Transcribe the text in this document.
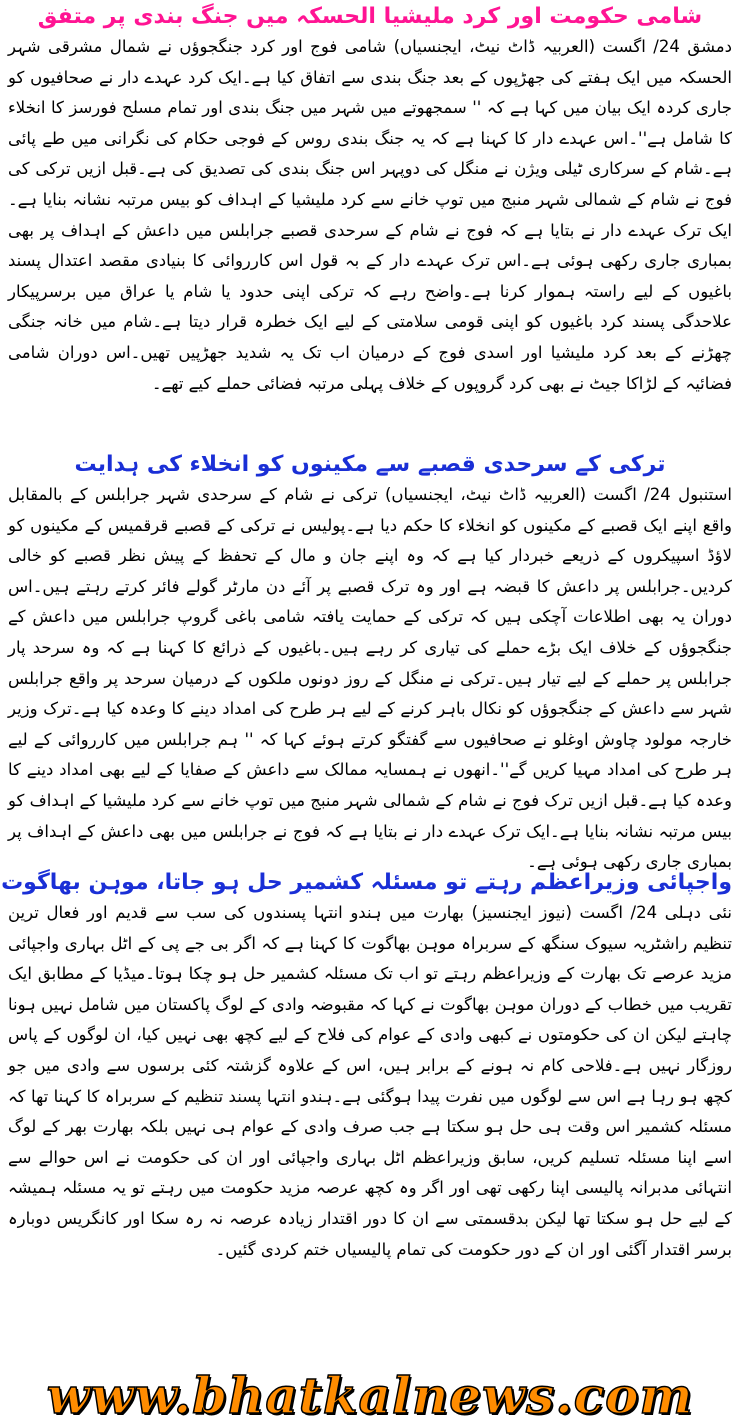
شامی حکومت اور کرد ملیشیا الحسکہ میں جنگ بندی پر متفق

دمشق 24/ اگست (العربیہ ڈاٹ نیٹ، ایجنسیاں) شامی فوج اور کرد جنگجوؤں نے شمال مشرقی شہر الحسکہ میں ایک ہفتے کی جھڑپوں کے بعد جنگ بندی سے اتفاق کیا ہے۔ایک کرد عہدے دار نے صحافیوں کو جاری کردہ ایک بیان میں کہا ہے کہ '' سمجھوتے میں شہر میں جنگ بندی اور تمام مسلح فورسز کا انخلاء کا شامل ہے''۔اس عہدے دار کا کہنا ہے کہ یہ جنگ بندی روس کے فوجی حکام کی نگرانی میں طے پائی ہے۔شام کے سرکاری ٹیلی ویژن نے منگل کی دوپہر اس جنگ بندی کی تصدیق کی ہے۔قبل ازیں ترکی کی فوج نے شام کے شمالی شہر منبج میں توپ خانے سے کرد ملیشیا کے اہداف کو بیس مرتبہ نشانہ بنایا ہے۔ایک ترک عہدے دار نے بتایا ہے کہ فوج نے شام کے سرحدی قصبے جرابلس میں داعش کے اہداف پر بھی بمباری جاری رکھی ہوئی ہے۔اس ترک عہدے دار کے بہ قول اس کارروائی کا بنیادی مقصد اعتدال پسند باغیوں کے لیے راستہ ہموار کرنا ہے۔واضح رہے کہ ترکی اپنی حدود یا شام یا عراق میں برسرپیکار علاحدگی پسند کرد باغیوں کو اپنی قومی سلامتی کے لیے ایک خطرہ قرار دیتا ہے۔شام میں خانہ جنگی چھڑنے کے بعد کرد ملیشیا اور اسدی فوج کے درمیان اب تک یہ شدید جھڑپیں تھیں۔اس دوران شامی فضائیہ کے لڑاکا جیٹ نے بھی کرد گروپوں کے خلاف پہلی مرتبہ فضائی حملے کیے تھے۔

ترکی کے سرحدی قصبے سے مکینوں کو انخلاء کی ہدایت

استنبول 24/ اگست (العربیہ ڈاٹ نیٹ، ایجنسیاں) ترکی نے شام کے سرحدی شہر جرابلس کے بالمقابل واقع اپنے ایک قصبے کے مکینوں کو انخلاء کا حکم دیا ہے۔پولیس نے ترکی کے قصبے قرقمیس کے مکینوں کو لاؤڈ اسپیکروں کے ذریعے خبردار کیا ہے کہ وہ اپنے جان و مال کے تحفظ کے پیش نظر قصبے کو خالی کردیں۔جرابلس پر داعش کا قبضہ ہے اور وہ ترک قصبے پر آئے دن مارٹر گولے فائر کرتے رہتے ہیں۔اس دوران یہ بھی اطلاعات آچکی ہیں کہ ترکی کے حمایت یافتہ شامی باغی گروپ جرابلس میں داعش کے جنگجوؤں کے خلاف ایک بڑے حملے کی تیاری کر رہے ہیں۔باغیوں کے ذرائع کا کہنا ہے کہ وہ سرحد پار جرابلس پر حملے کے لیے تیار ہیں۔ترکی نے منگل کے روز دونوں ملکوں کے درمیان سرحد پر واقع جرابلس شہر سے داعش کے جنگجوؤں کو نکال باہر کرنے کے لیے ہر طرح کی امداد دینے کا وعدہ کیا ہے۔ترک وزیر خارجہ مولود چاوش اوغلو نے صحافیوں سے گفتگو کرتے ہوئے کہا کہ '' ہم جرابلس میں کارروائی کے لیے ہر طرح کی امداد مہیا کریں گے''۔انھوں نے ہمسایہ ممالک سے داعش کے صفایا کے لیے بھی امداد دینے کا وعدہ کیا ہے۔قبل ازیں ترک فوج نے شام کے شمالی شہر منبج میں توپ خانے سے کرد ملیشیا کے اہداف کو بیس مرتبہ نشانہ بنایا ہے۔ایک ترک عہدے دار نے بتایا ہے کہ فوج نے جرابلس میں بھی داعش کے اہداف پر بمباری جاری رکھی ہوئی ہے۔

واجپائی وزیراعظم رہتے تو مسئلہ کشمیر حل ہو جاتا، موہن بھاگوت

نئی دہلی 24/ اگست (نیوز ایجنسیز) بھارت میں ہندو انتہا پسندوں کی سب سے قدیم اور فعال ترین تنظیم راشٹریہ سیوک سنگھ کے سربراہ موہن بھاگوت کا کہنا ہے کہ اگر بی جے پی کے اٹل بہاری واجپائی مزید عرصے تک بھارت کے وزیراعظم رہتے تو اب تک مسئلہ کشمیر حل ہو چکا ہوتا۔میڈیا کے مطابق ایک تقریب میں خطاب کے دوران موہن بھاگوت نے کہا کہ مقبوضہ وادی کے لوگ پاکستان میں شامل نہیں ہونا چاہتے لیکن ان کی حکومتوں نے کبھی وادی کے عوام کی فلاح کے لیے کچھ بھی نہیں کیا، ان لوگوں کے پاس روزگار نہیں ہے۔فلاحی کام نہ ہونے کے برابر ہیں، اس کے علاوہ گزشتہ کئی برسوں سے وادی میں جو کچھ ہو رہا ہے اس سے لوگوں میں نفرت پیدا ہوگئی ہے۔ہندو انتہا پسند تنظیم کے سربراہ کا کہنا تھا کہ مسئلہ کشمیر اس وقت ہی حل ہو سکتا ہے جب صرف وادی کے عوام ہی نہیں بلکہ بھارت بھر کے لوگ اسے اپنا مسئلہ تسلیم کریں، سابق وزیراعظم اٹل بہاری واجپائی اور ان کی حکومت نے اس حوالے سے انتہائی مدبرانہ پالیسی اپنا رکھی تھی اور اگر وہ کچھ عرصہ مزید حکومت میں رہتے تو یہ مسئلہ ہمیشہ کے لیے حل ہو سکتا تھا لیکن بدقسمتی سے ان کا دور اقتدار زیادہ عرصہ نہ رہ سکا اور کانگریس دوبارہ برسر اقتدار آگئی اور ان کے دور حکومت کی تمام پالیسیاں ختم کردی گئیں۔

www.bhatkalnews.com
